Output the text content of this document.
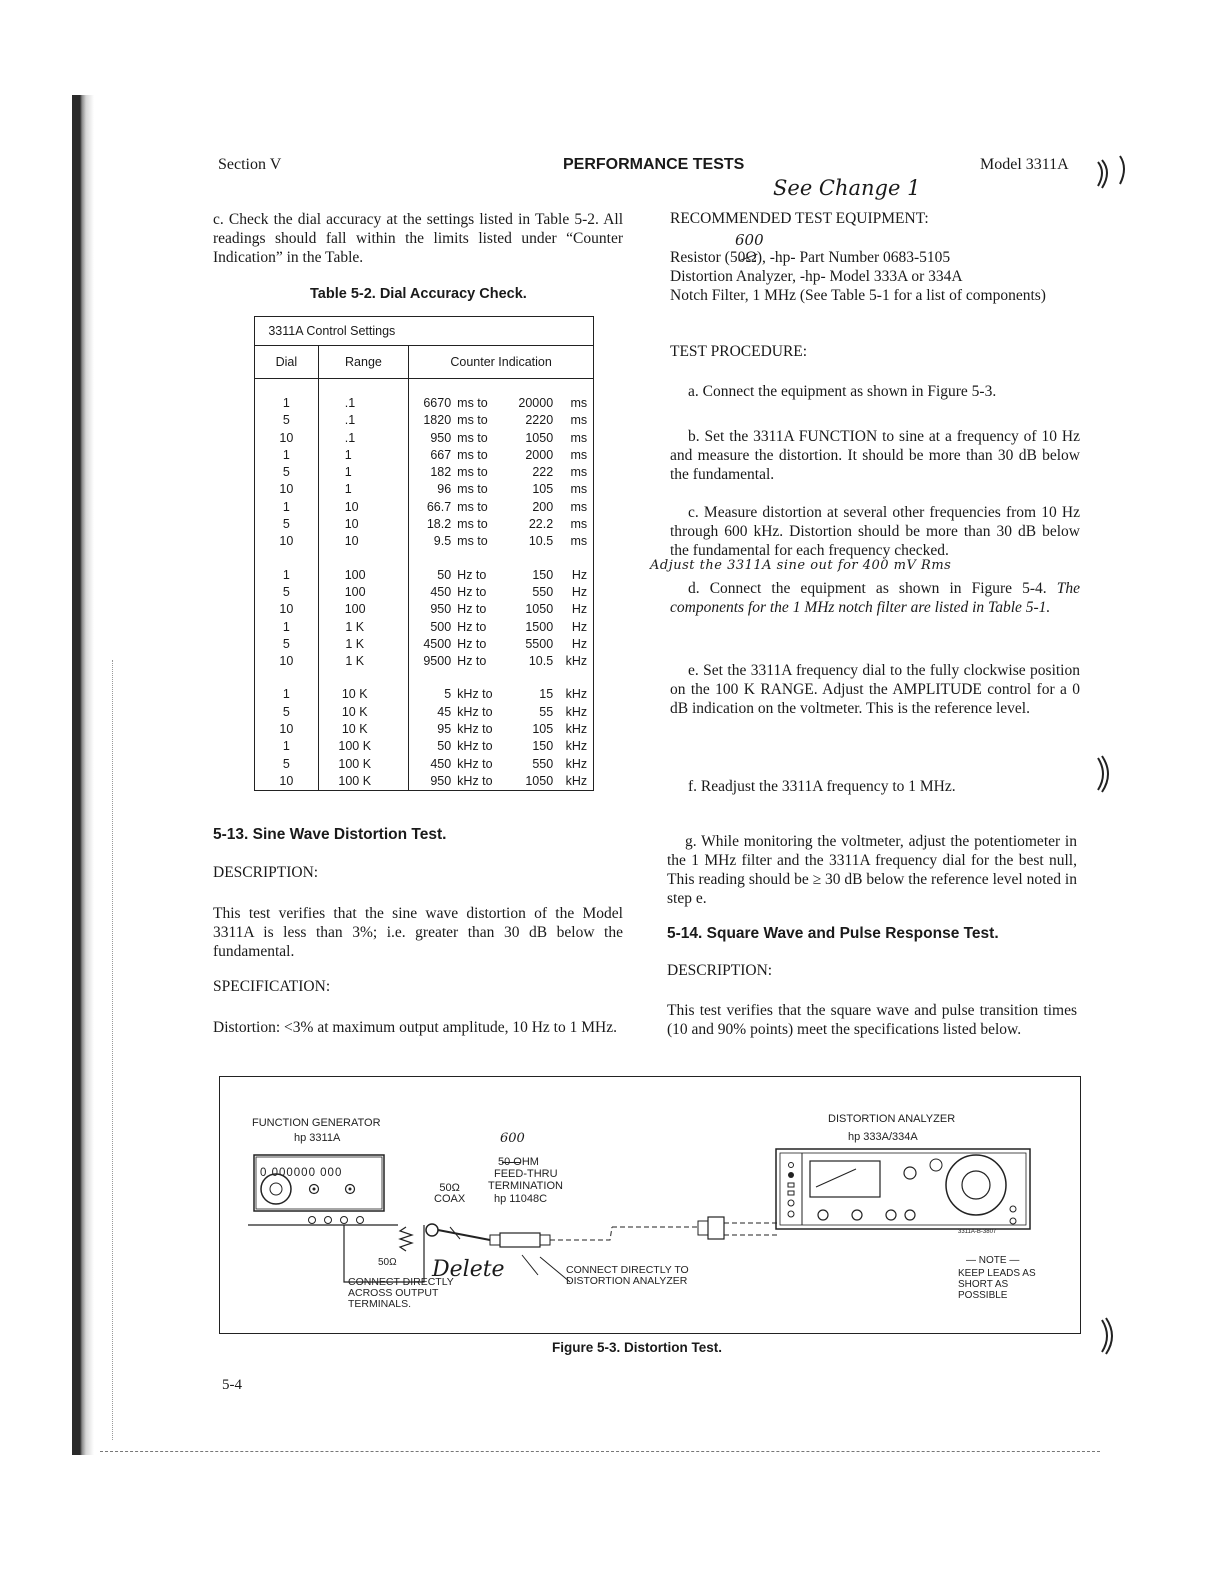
Section V	PERFORMANCE TESTS	Model 3311A
See Change 1
c. Check the dial accuracy at the settings listed in Table 5-2. All readings should fall within the limits listed under “Counter Indication” in the Table.
Table 5-2. Dial Accuracy Check.
3311A Control Settings		
Dial	Range	Counter Indication

1	.1	6670 ms to 20000 ms

5	.1	1820 ms to 2220 ms

10	.1	950 ms to 1050 ms

1	1	667 ms to 2000 ms

5	1	182 ms to 222 ms

10	1	96 ms to 105 ms

1	10	66.7 ms to 200 ms

5	10	18.2 ms to 22.2 ms

10	10	9.5 ms to 10.5 ms

1	100	50 Hz to 150 Hz

5	100	450 Hz to 550 Hz

10	100	950 Hz to 1050 Hz

1	1 K	500 Hz to 1500 Hz

5	1 K	4500 Hz to 5500 Hz

10	1 K	9500 Hz to 10.5 kHz

1	10 K	5 kHz to 15 kHz

5	10 K	45 kHz to 55 kHz

10	10 K	95 kHz to 105 kHz

1	100 K	50 kHz to 150 kHz

5	100 K	450 kHz to 550 kHz

10	100 K	950 kHz to 1050 kHz
5-13. Sine Wave Distortion Test.
DESCRIPTION:
This test verifies that the sine wave distortion of the Model 3311A is less than 3%; i.e. greater than 30 dB below the fundamental.
SPECIFICATION:
Distortion: <3% at maximum output amplitude, 10 Hz to 1 MHz.
RECOMMENDED TEST EQUIPMENT:
600
Resistor (50Ω), -hp- Part Number 0683-5105
Distortion Analyzer, -hp- Model 333A or 334A
Notch Filter, 1 MHz (See Table 5-1 for a list of components)
TEST PROCEDURE:
a. Connect the equipment as shown in Figure 5-3.
b. Set the 3311A FUNCTION to sine at a frequency of 10 Hz and measure the distortion. It should be more than 30 dB below the fundamental.
c. Measure distortion at several other frequencies from 10 Hz through 600 kHz. Distortion should be more than 30 dB below the fundamental for each frequency checked.
Adjust the 3311A sine out for 400 mV Rms
d. Connect the equipment as shown in Figure 5-4. The components for the 1 MHz notch filter are listed in Table 5-1.
e. Set the 3311A frequency dial to the fully clockwise position on the 100 K RANGE. Adjust the AMPLITUDE control for a 0 dB indication on the voltmeter. This is the reference level.
f. Readjust the 3311A frequency to 1 MHz.
g. While monitoring the voltmeter, adjust the potentiometer in the 1 MHz filter and the 3311A frequency dial for the best null, This reading should be ≥ 30 dB below the reference level noted in step e.
5-14. Square Wave and Pulse Response Test.
DESCRIPTION:
This test verifies that the square wave and pulse transition times (10 and 90% points) meet the specifications listed below.
FUNCTION GENERATOR
hp 3311A
0 000000 000
50Ω
COAX
600
50 OHM
FEED-THRU
TERMINATION
hp 11048C
50Ω Delete
CONNECT DIRECTLY
ACROSS OUTPUT
TERMINALS.
CONNECT DIRECTLY TO
DISTORTION ANALYZER
DISTORTION ANALYZER
hp 333A/334A
3311A-B-3807
— NOTE —
KEEP LEADS AS
SHORT AS
POSSIBLE
Figure 5-3. Distortion Test.
5-4
